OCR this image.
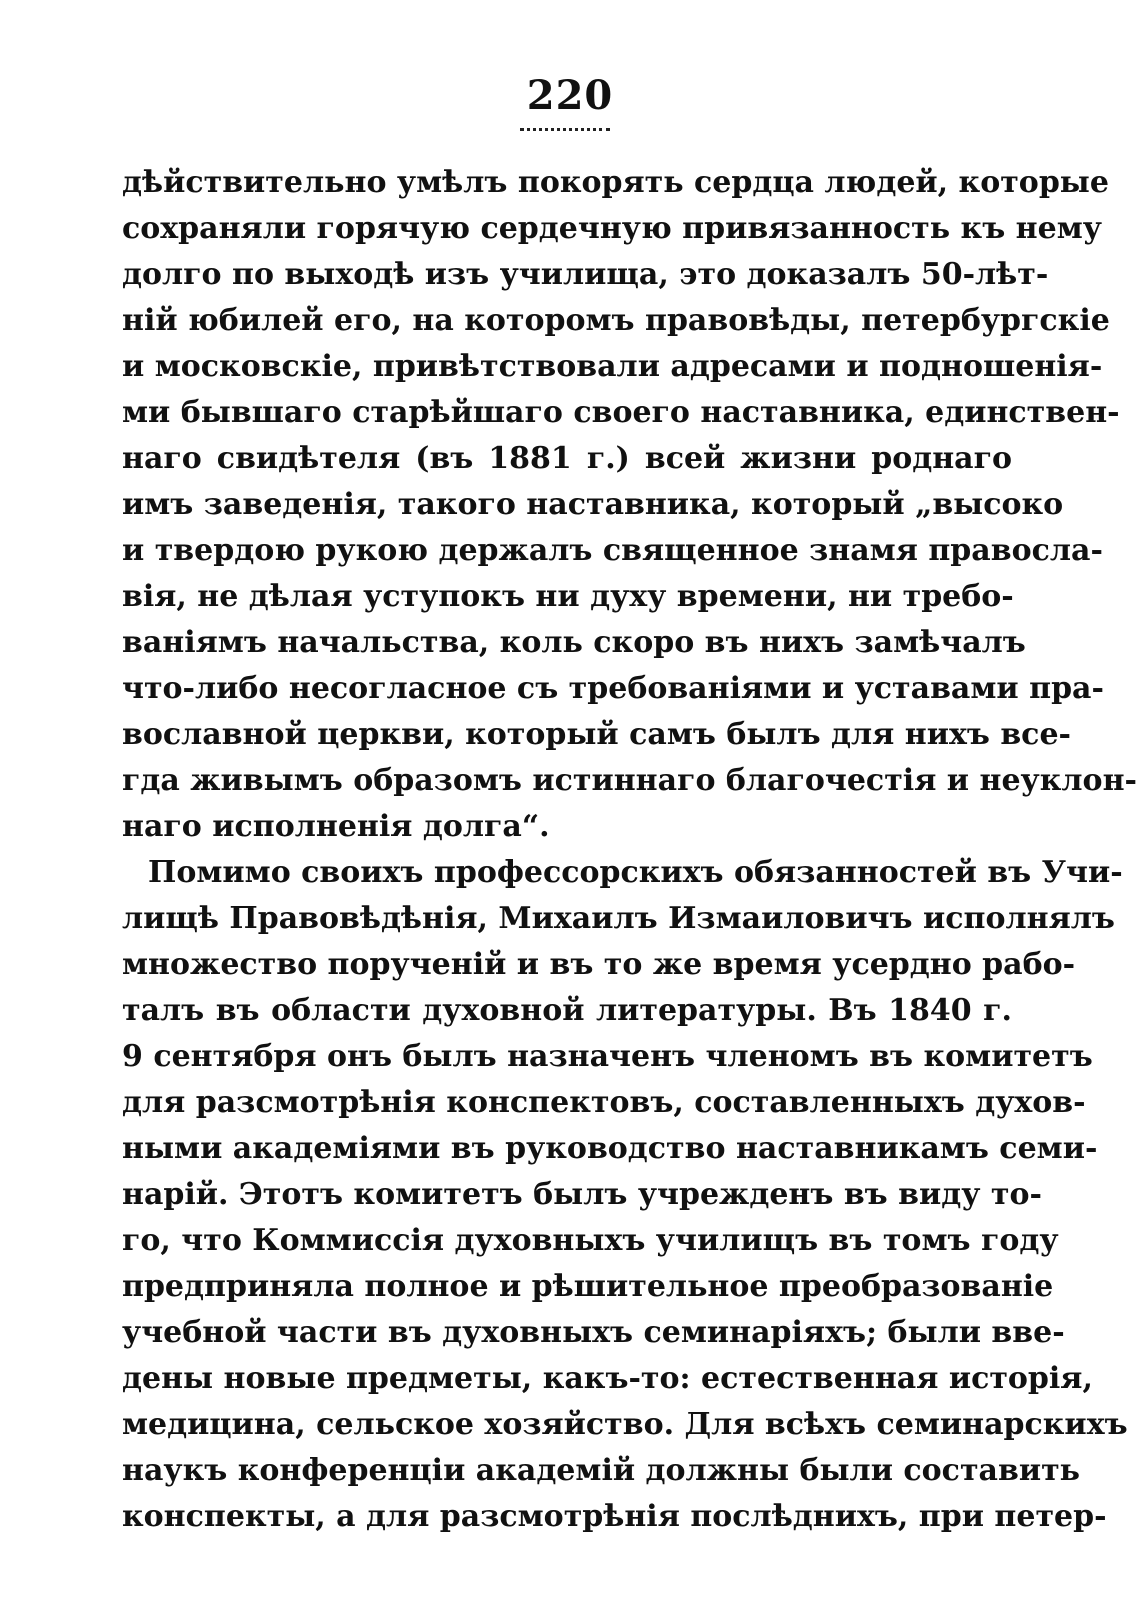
220
дѣйствительно умѣлъ покорять сердца людей, которые
сохраняли горячую сердечную привязанность къ нему
долго по выходѣ изъ училища, это доказалъ 50-лѣт-
ній юбилей его, на которомъ правовѣды, петербургскіе
и московскіе, привѣтствовали адресами и подношенія-
ми бывшаго старѣйшаго своего наставника, единствен-
наго свидѣтеля (въ 1881 г.) всей жизни роднаго
имъ заведенія, такого наставника, который „высоко
и твердою рукою держалъ священное знамя правосла-
вія, не дѣлая уступокъ ни духу времени, ни требо-
ваніямъ начальства, коль скоро въ нихъ замѣчалъ
что-либо несогласное съ требованіями и уставами пра-
вославной церкви, который самъ былъ для нихъ все-
гда живымъ образомъ истиннаго благочестія и неуклон-
наго исполненія долга“.
Помимо своихъ профессорскихъ обязанностей въ Учи-
лищѣ Правовѣдѣнія, Михаилъ Измаиловичъ исполнялъ
множество порученій и въ то же время усердно рабо-
талъ въ области духовной литературы. Въ 1840 г.
9 сентября онъ былъ назначенъ членомъ въ комитетъ
для разсмотрѣнія конспектовъ, составленныхъ духов-
ными академіями въ руководство наставникамъ семи-
нарій. Этотъ комитетъ былъ учрежденъ въ виду то-
го, что Коммиссія духовныхъ училищъ въ томъ году
предприняла полное и рѣшительное преобразованіе
учебной части въ духовныхъ семинаріяхъ; были вве-
дены новые предметы, какъ-то: естественная исторія,
медицина, сельское хозяйство. Для всѣхъ семинарскихъ
наукъ конференціи академій должны были составить
конспекты, а для разсмотрѣнія послѣднихъ, при петер-
